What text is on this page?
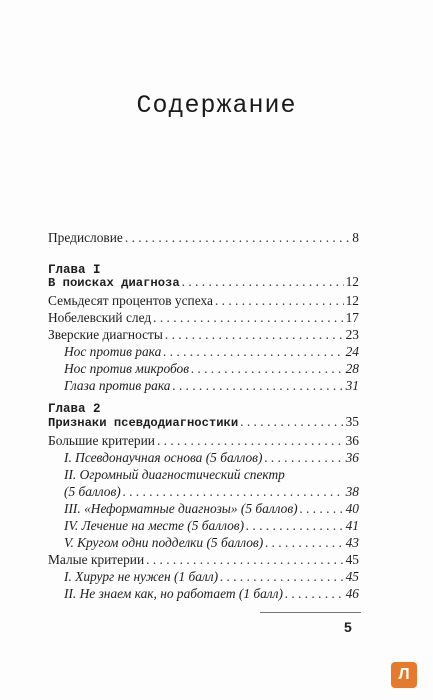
Содержание
Предисловие . . .	8
Глава I
В поисках диагноза . . .	12
Семьдесят процентов успеха . . .	12
Нобелевский след . . .	17
Зверские диагносты . . .	23
Нос против рака . . .	24
Нос против микробов . . .	28
Глаза против рака . . .	31
Глава 2
Признаки псевдодиагностики . . .	35
Большие критерии . . .	36
I. Псевдонаучная основа (5 баллов) . . .	36
II. Огромный диагностический спектр
(5 баллов) . . .	38
III. «Неформатные диагнозы» (5 баллов) . . .	40
IV. Лечение на месте (5 баллов) . . .	41
V. Кругом одни подделки (5 баллов) . . .	43
Малые критерии . . .	45
I. Хирург не нужен (1 балл) . . .	45
II. Не знаем как, но работает (1 балл) . . .	46
5
Л
